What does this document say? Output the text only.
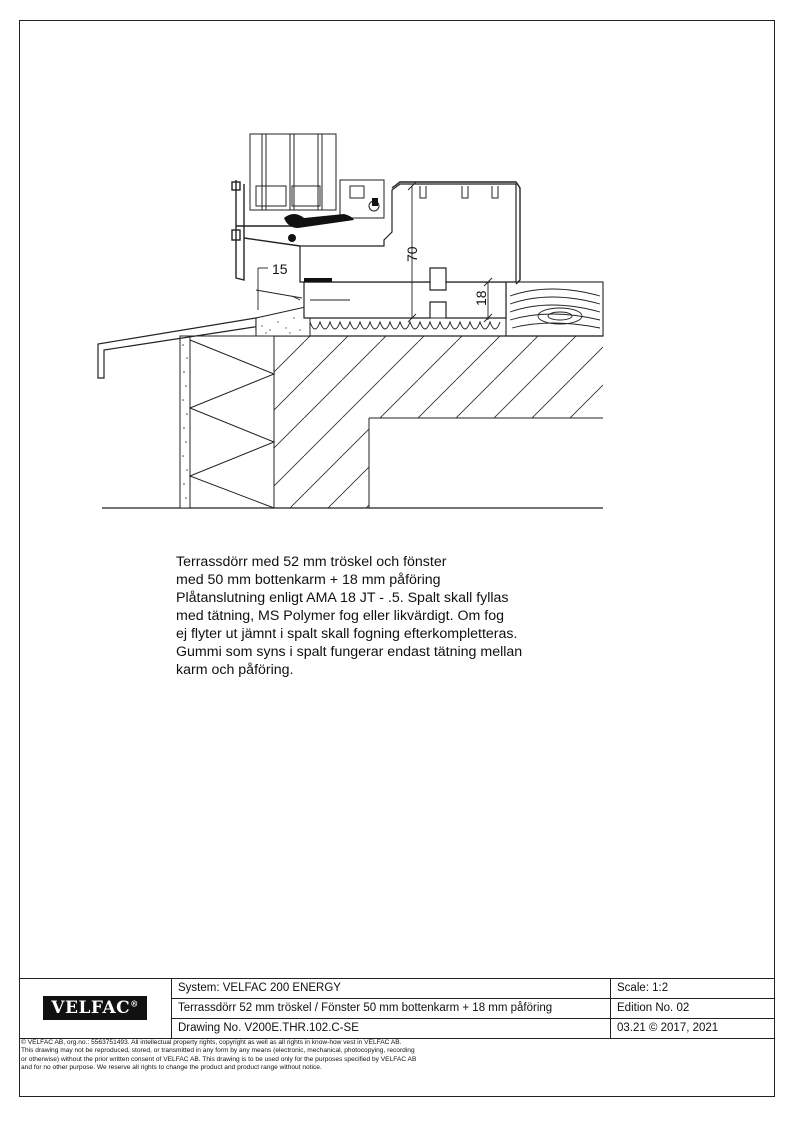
15
70
18
Terrassdörr med 52 mm tröskel och fönster
med 50 mm bottenkarm + 18 mm påföring
Plåtanslutning enligt AMA 18 JT - .5. Spalt skall fyllas
med tätning, MS Polymer fog eller likvärdigt. Om fog
ej flyter ut jämnt i spalt skall fogning efterkompletteras.
Gummi som syns i spalt fungerar endast tätning mellan
karm och påföring.
VELFAC®
System: VELFAC 200 ENERGY
Terrassdörr 52 mm tröskel / Fönster 50 mm bottenkarm + 18 mm påföring
Drawing No. V200E.THR.102.C-SE
Scale: 1:2
Edition No. 02
03.21 © 2017, 2021
© VELFAC AB, org.no.: 5563751493. All intellectual property rights, copyright as well as all rights in know-how vest in VELFAC AB.
This drawing may not be reproduced, stored, or transmitted in any form by any means (electronic, mechanical, photocopying, recording
or otherwise) without the prior written consent of VELFAC AB. This drawing is to be used only for the purposes specified by VELFAC AB
and for no other purpose. We reserve all rights to change the product and product range without notice.
